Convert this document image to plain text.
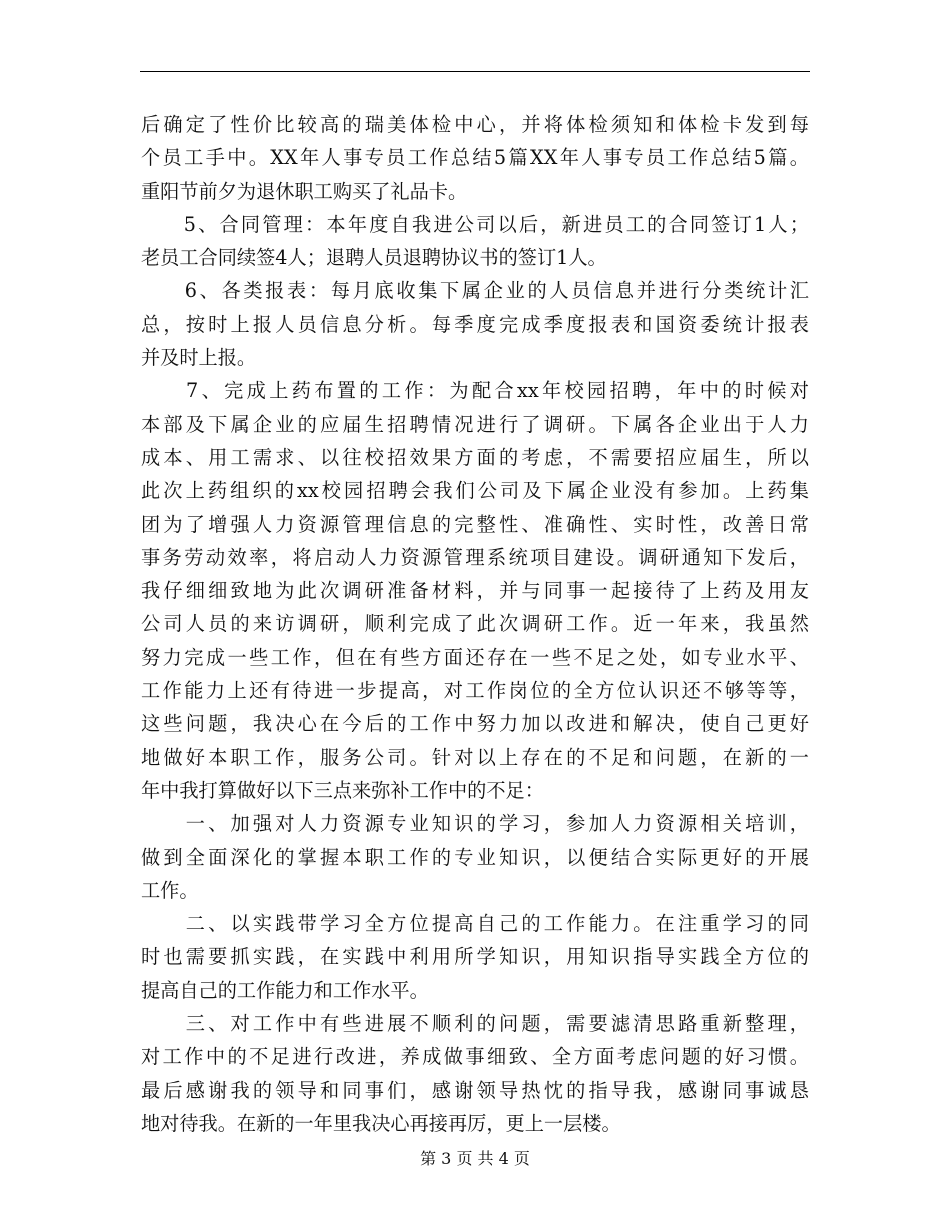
后确定了性价比较高的瑞美体检中心，并将体检须知和体检卡发到每
个员工手中。XX年人事专员工作总结5篇XX年人事专员工作总结5篇。
重阳节前夕为退休职工购买了礼品卡。
　　5、合同管理：本年度自我进公司以后，新进员工的合同签订1人；
老员工合同续签4人；退聘人员退聘协议书的签订1人。
　　6、各类报表：每月底收集下属企业的人员信息并进行分类统计汇
总，按时上报人员信息分析。每季度完成季度报表和国资委统计报表
并及时上报。
　　7、完成上药布置的工作：为配合xx年校园招聘，年中的时候对
本部及下属企业的应届生招聘情况进行了调研。下属各企业出于人力
成本、用工需求、以往校招效果方面的考虑，不需要招应届生，所以
此次上药组织的xx校园招聘会我们公司及下属企业没有参加。上药集
团为了增强人力资源管理信息的完整性、准确性、实时性，改善日常
事务劳动效率，将启动人力资源管理系统项目建设。调研通知下发后，
我仔细细致地为此次调研准备材料，并与同事一起接待了上药及用友
公司人员的来访调研，顺利完成了此次调研工作。近一年来，我虽然
努力完成一些工作，但在有些方面还存在一些不足之处，如专业水平、
工作能力上还有待进一步提高，对工作岗位的全方位认识还不够等等，
这些问题，我决心在今后的工作中努力加以改进和解决，使自己更好
地做好本职工作，服务公司。针对以上存在的不足和问题，在新的一
年中我打算做好以下三点来弥补工作中的不足：
　　一、加强对人力资源专业知识的学习，参加人力资源相关培训，
做到全面深化的掌握本职工作的专业知识，以便结合实际更好的开展
工作。
　　二、以实践带学习全方位提高自己的工作能力。在注重学习的同
时也需要抓实践，在实践中利用所学知识，用知识指导实践全方位的
提高自己的工作能力和工作水平。
　　三、对工作中有些进展不顺利的问题，需要滤清思路重新整理，
对工作中的不足进行改进，养成做事细致、全方面考虑问题的好习惯。
最后感谢我的领导和同事们，感谢领导热忱的指导我，感谢同事诚恳
地对待我。在新的一年里我决心再接再厉，更上一层楼。
第 3 页 共 4 页
